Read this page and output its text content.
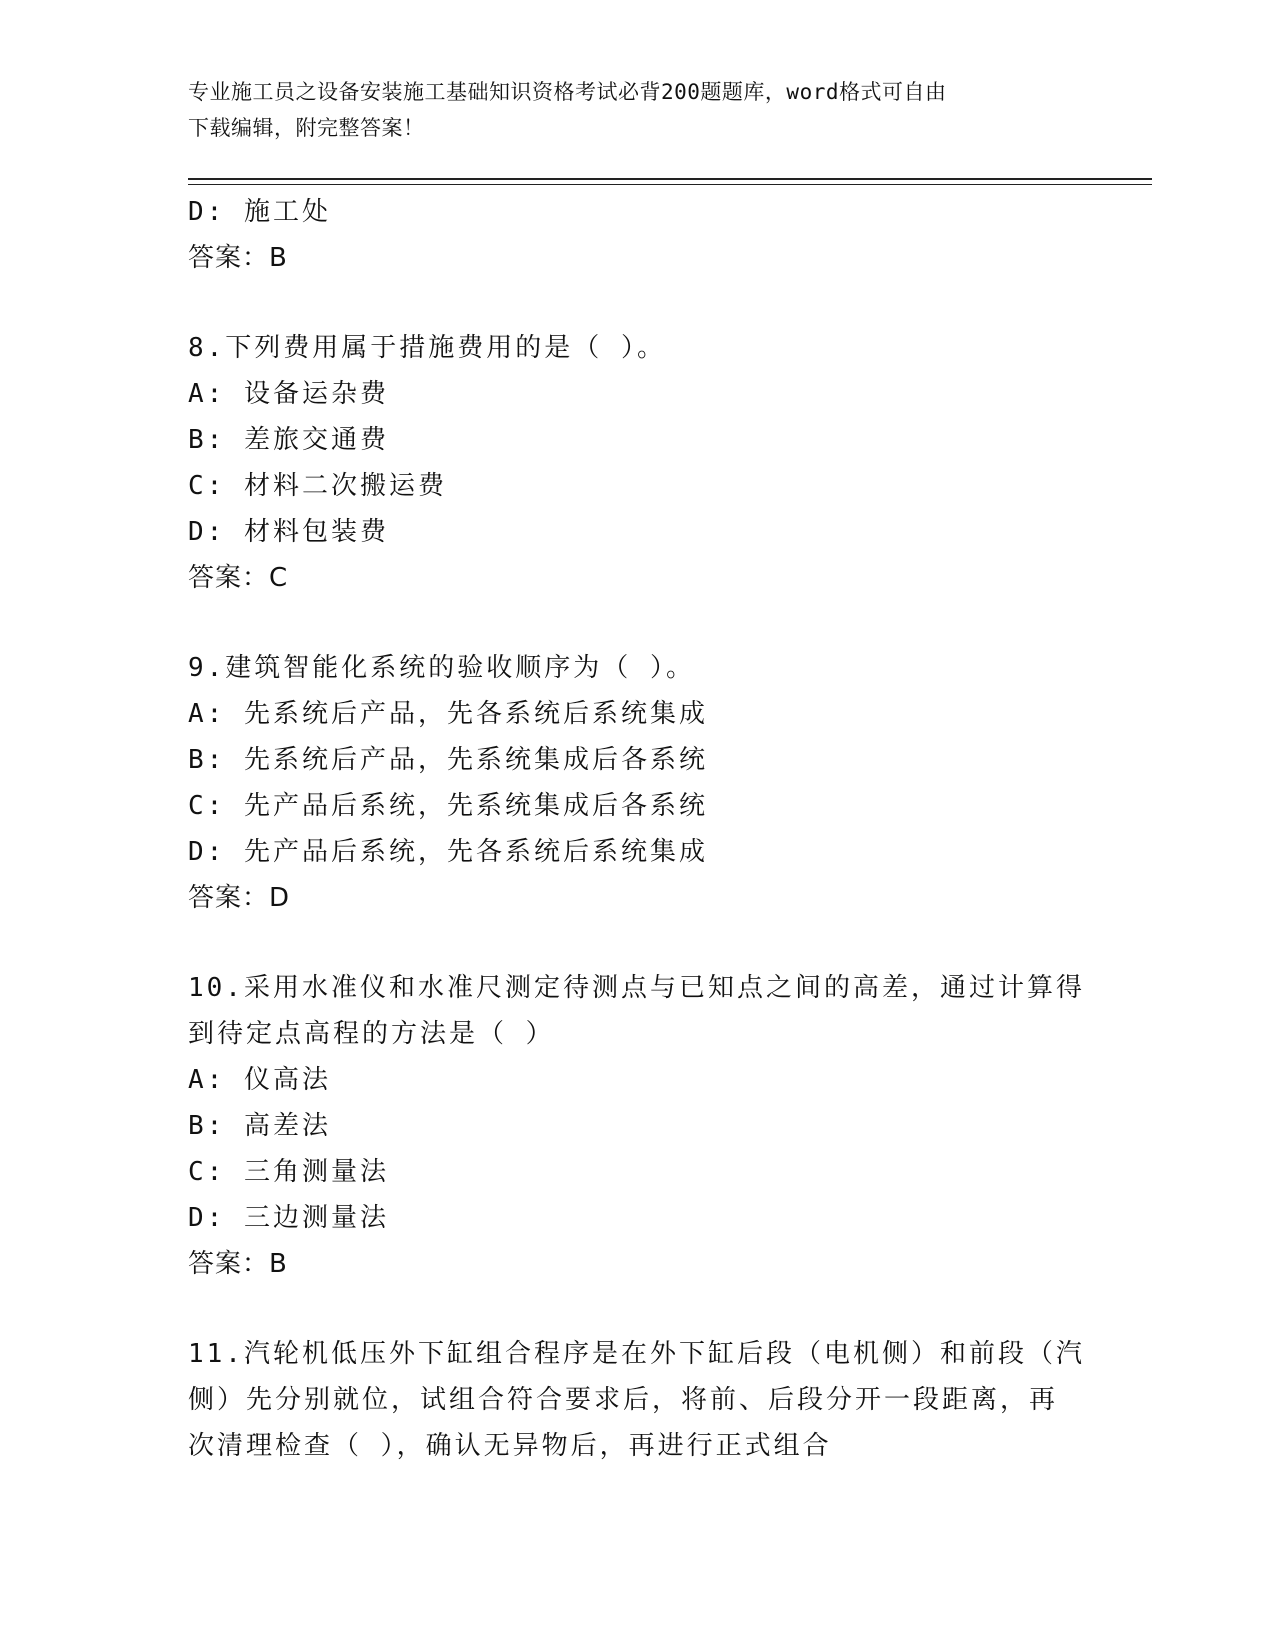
专业施工员之设备安装施工基础知识资格考试必背200题题库，word格式可自由
下载编辑，附完整答案！
D: 施工处
答案：B
8.下列费用属于措施费用的是（ ）。
A: 设备运杂费
B: 差旅交通费
C: 材料二次搬运费
D: 材料包装费
答案：C
9.建筑智能化系统的验收顺序为（ ）。
A: 先系统后产品，先各系统后系统集成
B: 先系统后产品，先系统集成后各系统
C: 先产品后系统，先系统集成后各系统
D: 先产品后系统，先各系统后系统集成
答案：D
10.采用水准仪和水准尺测定待测点与已知点之间的高差，通过计算得
到待定点高程的方法是（ ）
A: 仪高法
B: 高差法
C: 三角测量法
D: 三边测量法
答案：B
11.汽轮机低压外下缸组合程序是在外下缸后段（电机侧）和前段（汽
侧）先分别就位，试组合符合要求后，将前、后段分开一段距离，再
次清理检查（ ），确认无异物后，再进行正式组合
